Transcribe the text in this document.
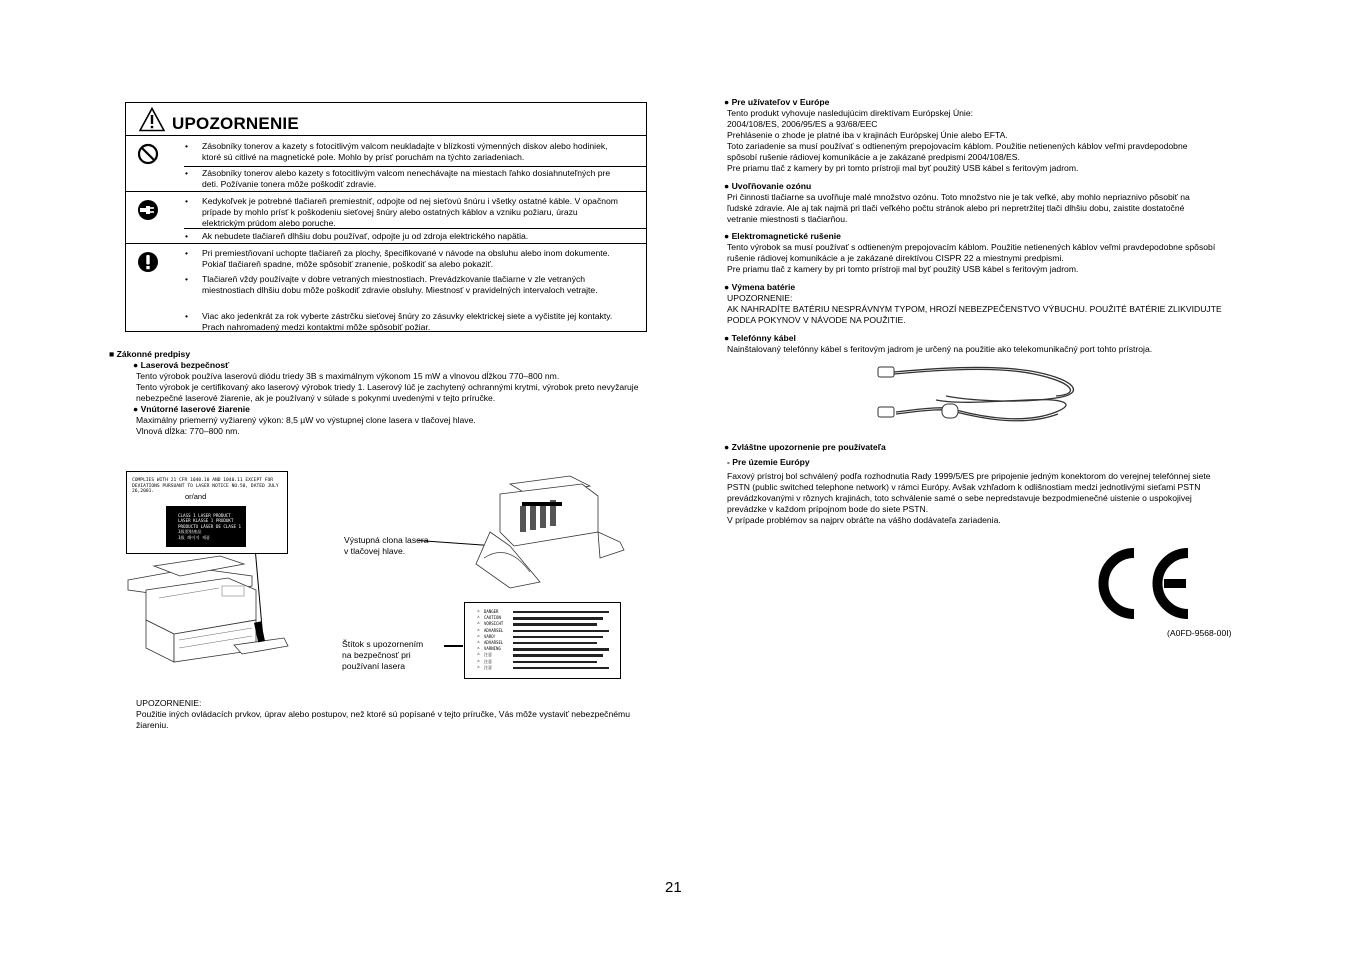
UPOZORNENIE
• Zásobníky tonerov a kazety s fotocitlivým valcom neukladajte v blízkosti výmenných diskov alebo hodiniek, ktoré sú citlivé na magnetické pole. Mohlo by prísť poruchám na týchto zariadeniach.
• Zásobníky tonerov alebo kazety s fotocitlivým valcom nenechávajte na miestach ľahko dosiahnuteľných pre deti. Požívanie tonera môže poškodiť zdravie.
• Kedykoľvek je potrebné tlačiareň premiestniť, odpojte od nej sieťovú šnúru i všetky ostatné káble. V opačnom prípade by mohlo prísť k poškodeniu sieťovej šnúry alebo ostatných káblov a vzniku požiaru, úrazu elektrickým prúdom alebo poruche.
• Ak nebudete tlačiareň dlhšiu dobu používať, odpojte ju od zdroja elektrického napätia.
• Pri premiestňovaní uchopte tlačiareň za plochy, špecifikované v návode na obsluhu alebo inom dokumente. Pokiaľ tlačiareň spadne, môže spôsobiť zranenie, poškodiť sa alebo pokaziť.
• Tlačiareň vždy používajte v dobre vetraných miestnostiach. Prevádzkovanie tlačiarne v zle vetraných miestnostiach dlhšiu dobu môže poškodiť zdravie obsluhy. Miestnosť v pravidelných intervaloch vetrajte.
• Viac ako jedenkrát za rok vyberte zástrčku sieťovej šnúry zo zásuvky elektrickej siete a vyčistite jej kontakty. Prach nahromadený medzi kontaktmi môže spôsobiť požiar.
■ Zákonné predpisy
● Laserová bezpečnosť

Tento výrobok používa laserovú diódu triedy 3B s maximálnym výkonom 15 mW a vlnovou dĺžkou 770–800 nm.

Tento výrobok je certifikovaný ako laserový výrobok triedy 1. Laserový lúč je zachytený ochrannými krytmi, výrobok preto nevyžaruje nebezpečné laserové žiarenie, ak je používaný v súlade s pokynmi uvedenými v tejto príručke.

● Vnútorné laserové žiarenie

Maximálny priemerný vyžiarený výkon: 8,5 µW vo výstupnej clone lasera v tlačovej hlave.

Vlnová dĺžka: 770–800 nm.

COMPLIES WITH 21 CFR 1040.10 AND 1040.11 EXCEPT FOR
DEVIATIONS PURSUANT TO LASER NOTICE NO.50, DATED JULY 26,2001.
or/and
CLASS 1 LASER PRODUCT
LASER KLASSE 1 PRODUKT
PRODUCTO LÁSER DE CLASE 1
1級雷射產品
1級 레이저 제품	Výstupná clona lasera
v tlačovej hlave.
Štítok s upozornením
na bezpečnosť pri
používaní lasera
⚠ DANGER
⚠ CAUTION
⚠ VORSICHT
⚠ ADVARSEL
⚠ VARO!
⚠ ADVARSEL
⚠ VARNING
⚠ 注意
⚠ 注意
⚠ 注意

UPOZORNENIE:

Použitie iných ovládacích prvkov, úprav alebo postupov, než ktoré sú popísané v tejto príručke, Vás môže vystaviť nebezpečnému žiareniu.

● Pre užívateľov v Európe

Tento produkt vyhovuje nasledujúcim direktívam Európskej Únie:

2004/108/ES, 2006/95/ES a 93/68/EEC

Prehlásenie o zhode je platné iba v krajinách Európskej Únie alebo EFTA.

Toto zariadenie sa musí používať s odtieneným prepojovacím káblom. Použitie netienených káblov veľmi pravdepodobne spôsobí rušenie rádiovej komunikácie a je zakázané predpismi 2004/108/ES.

Pre priamu tlač z kamery by pri tomto prístroji mal byť použitý USB kábel s feritovým jadrom.

● Uvoľňovanie ozónu
Pri činnosti tlačiarne sa uvoľňuje malé množstvo ozónu. Toto množstvo nie je tak veľké, aby mohlo nepriaznivo pôsobiť na ľudské zdravie. Ale aj tak najmä pri tlači veľkého počtu stránok alebo pri nepretržitej tlači dlhšiu dobu, zaistite dostatočné vetranie miestnosti s tlačiarňou.
● Elektromagnetické rušenie

Tento výrobok sa musí používať s odtieneným prepojovacím káblom. Použitie netienených káblov veľmi pravdepodobne spôsobí rušenie rádiovej komunikácie a je zakázané direktívou CISPR 22 a miestnymi predpismi.

Pre priamu tlač z kamery by pri tomto prístroji mal byť použitý USB kábel s feritovým jadrom.

● Výmena batérie

UPOZORNENIE:

AK NAHRADÍTE BATÉRIU NESPRÁVNYM TYPOM, HROZÍ NEBEZPEČENSTVO VÝBUCHU. POUŽITÉ BATÉRIE ZLIKVIDUJTE PODĽA POKYNOV V NÁVODE NA POUŽITIE.

● Telefónny kábel
Nainštalovaný telefónny kábel s feritovým jadrom je určený na použitie ako telekomunikačný port tohto prístroja.
● Zvláštne upozornenie pre používateľa
- Pre územie Európy

Faxový prístroj bol schválený podľa rozhodnutia Rady 1999/5/ES pre pripojenie jedným konektorom do verejnej telefónnej siete PSTN (public switched telephone network) v rámci Európy. Avšak vzhľadom k odlišnostiam medzi jednotlivými sieťami PSTN prevádzkovanými v rôznych krajinách, toto schválenie samé o sebe nepredstavuje bezpodmienečné uistenie o uspokojivej prevádzke v každom prípojnom bode do siete PSTN.

V prípade problémov sa najprv obráťte na vášho dodávateľa zariadenia.

(A0FD-9568-00I)
21
